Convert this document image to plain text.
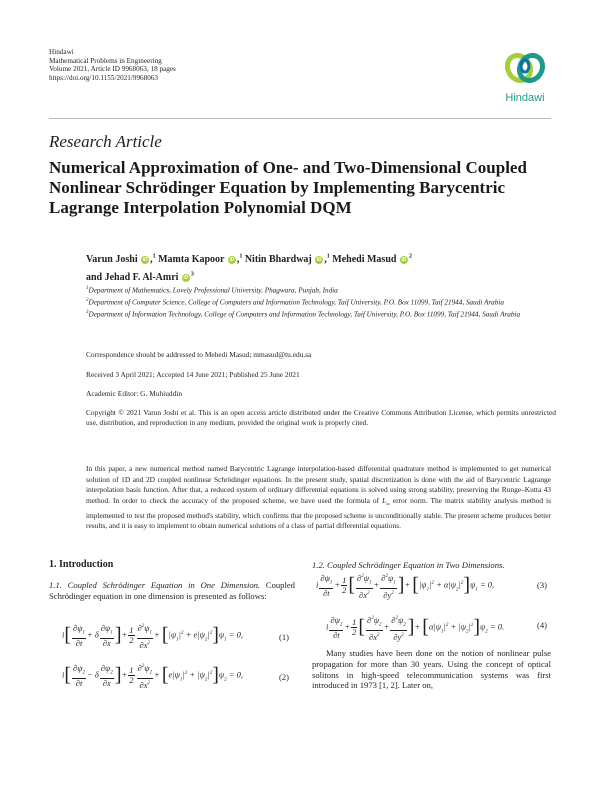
Hindawi
Mathematical Problems in Engineering
Volume 2021, Article ID 9968063, 18 pages
https://doi.org/10.1155/2021/9968063
Hindawi
Research Article
Numerical Approximation of One- and Two-Dimensional Coupled Nonlinear Schrödinger Equation by Implementing Barycentric Lagrange Interpolation Polynomial DQM
Varun Joshi iD ,$^1$ Mamta Kapoor iD ,$^1$ Nitin Bhardwaj iD ,$^1$ Mehedi Masud $iD^2$
and Jehad F. Al-Amri $iD^3$
$^1$Department of Mathematics, Lovely Professional University, Phagwara, Punjab, India
$^2$Department of Computer Science, College of Computers and Information Technology, Taif University, P.O. Box 11099, Taif 21944, Saudi Arabia
$^3$Department of Information Technology, College of Computers and Information Technology, Taif University, P.O. Box 11099, Taif 21944, Saudi Arabia
Correspondence should be addressed to Mehedi Masud; mmasud@tu.edu.sa
Received 3 April 2021; Accepted 14 June 2021; Published 25 June 2021
Academic Editor: G. Muhiuddin
Copyright © 2021 Varun Joshi et al. This is an open access article distributed under the Creative Commons Attribution License, which permits unrestricted use, distribution, and reproduction in any medium, provided the original work is properly cited.
In this paper, a new numerical method named Barycentric Lagrange interpolation-based differential quadrature method is implemented to get numerical solution of 1D and 2D coupled nonlinear Schrödinger equations. In the present study, spatial discretization is done with the aid of Barycentric Lagrange interpolation basis function. After that, a reduced system of ordinary differential equations is solved using strong stability, preserving the Runge–Kutta 43 method. In order to check the accuracy of the proposed scheme, we have used the formula of $L_\infty$ error norm. The matrix stability analysis method is implemented to test the proposed method's stability, which confirms that the proposed scheme is unconditionally stable. The present scheme produces better results, and it is easy to implement to obtain numerical solutions of a class of partial differential equations.
1. Introduction
1.1. Coupled Schrödinger Equation in One Dimension. Coupled Schrödinger equation in one dimension is presented as follows:
$i[ \frac{\partial\psi_1}{\partial t} + \delta \frac{\partial\psi_1}{\partial x}$ ]+ $\frac{1}{2} \frac{\partial^2\psi_1}{\partial x^2} + [|\psi_1|^2 + e|\psi_2|^2]\psi_1 = 0$,	(1)
$i[ \frac{\partial\psi_2}{\partial t} - \delta \frac{\partial\psi_2}{\partial x}$ ]+ $\frac{1}{2} \frac{\partial^2\psi_2}{\partial x^2} + [e|\psi_1|^2 + |\psi_2|^2]\psi_2 = 0$,	(2)
1.2. Coupled Schrödinger Equation in Two Dimensions.
i $\frac{\partial\psi_1}{\partial t} + \frac{1}{2}$ [ $\frac{\partial^2\psi_1}{\partial x^2} + \frac{\partial^2\psi_1}{\partial y^2}$ ]+ $[|\psi_1|^2 + \alpha|\psi_2|^2]\psi_1 = 0$,	(3)
i $\frac{\partial\psi_2}{\partial t} + \frac{1}{2}$ [ $\frac{\partial^2\psi_2}{\partial x^2} + \frac{\partial^2\psi_2}{\partial y^2}$ ]+ $[\alpha|\psi_1|^2 + |\psi_2|^2]\psi_2 = 0$.	(4)
Many studies have been done on the notion of nonlinear pulse propagation for more than 30 years. Using the concept of optical solitons in high-speed telecommunication systems was first introduced in 1973 [1, 2]. Later on,
